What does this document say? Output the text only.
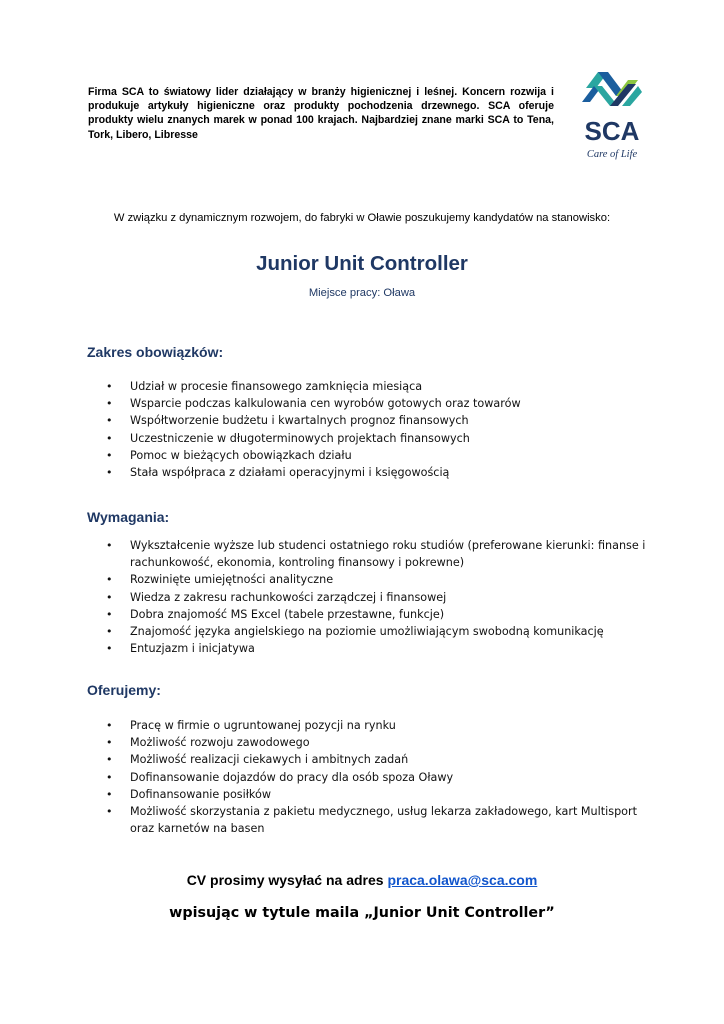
Firma SCA to światowy lider działający w branży higienicznej i leśnej. Koncern rozwija i produkuje artykuły higieniczne oraz produkty pochodzenia drzewnego. SCA oferuje produkty wielu znanych marek w ponad 100 krajach. Najbardziej znane marki SCA to Tena, Tork, Libero, Libresse	SCA
Care of Life

W związku z dynamicznym rozwojem, do fabryki w Oławie poszukujemy kandydatów na stanowisko:

Junior Unit Controller

Miejsce pracy: Oława

Zakres obowiązków:
• Udział w procesie finansowego zamknięcia miesiąca
• Wsparcie podczas kalkulowania cen wyrobów gotowych oraz towarów
• Współtworzenie budżetu i kwartalnych prognoz finansowych
• Uczestniczenie w długoterminowych projektach finansowych
• Pomoc w bieżących obowiązkach działu
• Stała współpraca z działami operacyjnymi i księgowością
Wymagania:
• Wykształcenie wyższe lub studenci ostatniego roku studiów (preferowane kierunki: finanse i rachunkowość, ekonomia, kontroling finansowy i pokrewne)
• Rozwinięte umiejętności analityczne
• Wiedza z zakresu rachunkowości zarządczej i finansowej
• Dobra znajomość MS Excel (tabele przestawne, funkcje)
• Znajomość języka angielskiego na poziomie umożliwiającym swobodną komunikację
• Entuzjazm i inicjatywa
Oferujemy:
• Pracę w firmie o ugruntowanej pozycji na rynku
• Możliwość rozwoju zawodowego
• Możliwość realizacji ciekawych i ambitnych zadań
• Dofinansowanie dojazdów do pracy dla osób spoza Oławy
• Dofinansowanie posiłków
• Możliwość skorzystania z pakietu medycznego, usług lekarza zakładowego, kart Multisport oraz karnetów na basen

CV prosimy wysyłać na adres praca.olawa@sca.com

wpisując w tytule maila „Junior Unit Controller”
